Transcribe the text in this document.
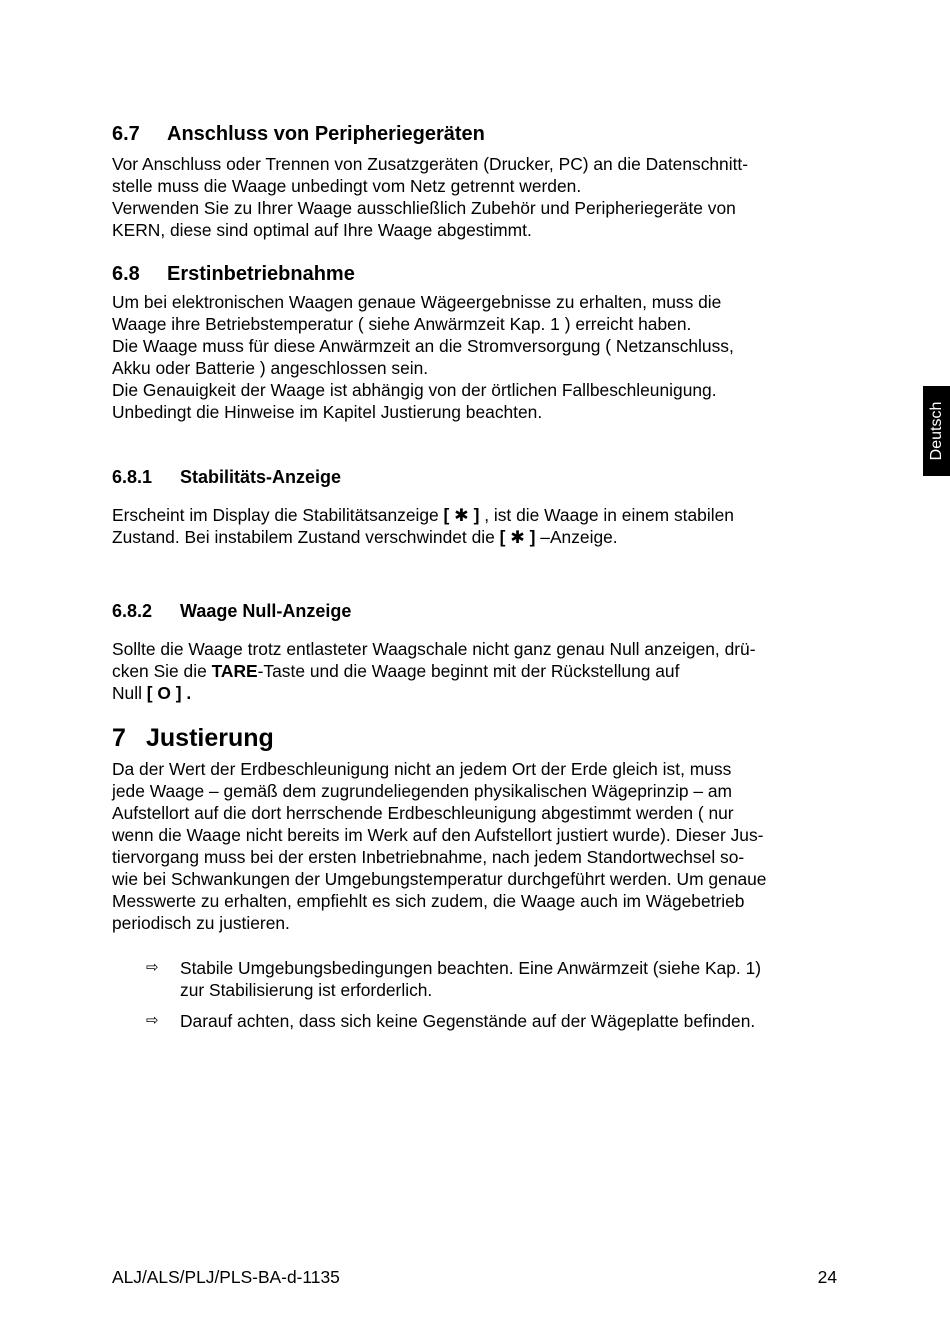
6.7 Anschluss von Peripheriegeräten
Vor Anschluss oder Trennen von Zusatzgeräten (Drucker, PC) an die Datenschnitt-
stelle muss die Waage unbedingt vom Netz getrennt werden.
Verwenden Sie zu Ihrer Waage ausschließlich Zubehör und Peripheriegeräte von
KERN, diese sind optimal auf Ihre Waage abgestimmt.
6.8 Erstinbetriebnahme
Um bei elektronischen Waagen genaue Wägeergebnisse zu erhalten, muss die
Waage ihre Betriebstemperatur ( siehe Anwärmzeit Kap. 1 ) erreicht haben.
Die Waage muss für diese Anwärmzeit an die Stromversorgung ( Netzanschluss,
Akku oder Batterie ) angeschlossen sein.
Die Genauigkeit der Waage ist abhängig von der örtlichen Fallbeschleunigung.
Unbedingt die Hinweise im Kapitel Justierung beachten.
6.8.1 Stabilitäts-Anzeige
Erscheint im Display die Stabilitätsanzeige [ ✱ ] , ist die Waage in einem stabilen
Zustand. Bei instabilem Zustand verschwindet die [ ✱ ] –Anzeige.
6.8.2 Waage Null-Anzeige
Sollte die Waage trotz entlasteter Waagschale nicht ganz genau Null anzeigen, drü-
cken Sie die TARE-Taste und die Waage beginnt mit der Rückstellung auf
Null [ O ] .
7 Justierung
Da der Wert der Erdbeschleunigung nicht an jedem Ort der Erde gleich ist, muss
jede Waage – gemäß dem zugrundeliegenden physikalischen Wägeprinzip – am
Aufstellort auf die dort herrschende Erdbeschleunigung abgestimmt werden ( nur
wenn die Waage nicht bereits im Werk auf den Aufstellort justiert wurde). Dieser Jus-
tiervorgang muss bei der ersten Inbetriebnahme, nach jedem Standortwechsel so-
wie bei Schwankungen der Umgebungstemperatur durchgeführt werden. Um genaue
Messwerte zu erhalten, empfiehlt es sich zudem, die Waage auch im Wägebetrieb
periodisch zu justieren.
⇨ Stabile Umgebungsbedingungen beachten. Eine Anwärmzeit (siehe Kap. 1)
zur Stabilisierung ist erforderlich.
⇨ Darauf achten, dass sich keine Gegenstände auf der Wägeplatte befinden.
Deutsch
ALJ/ALS/PLJ/PLS-BA-d-1135	24
